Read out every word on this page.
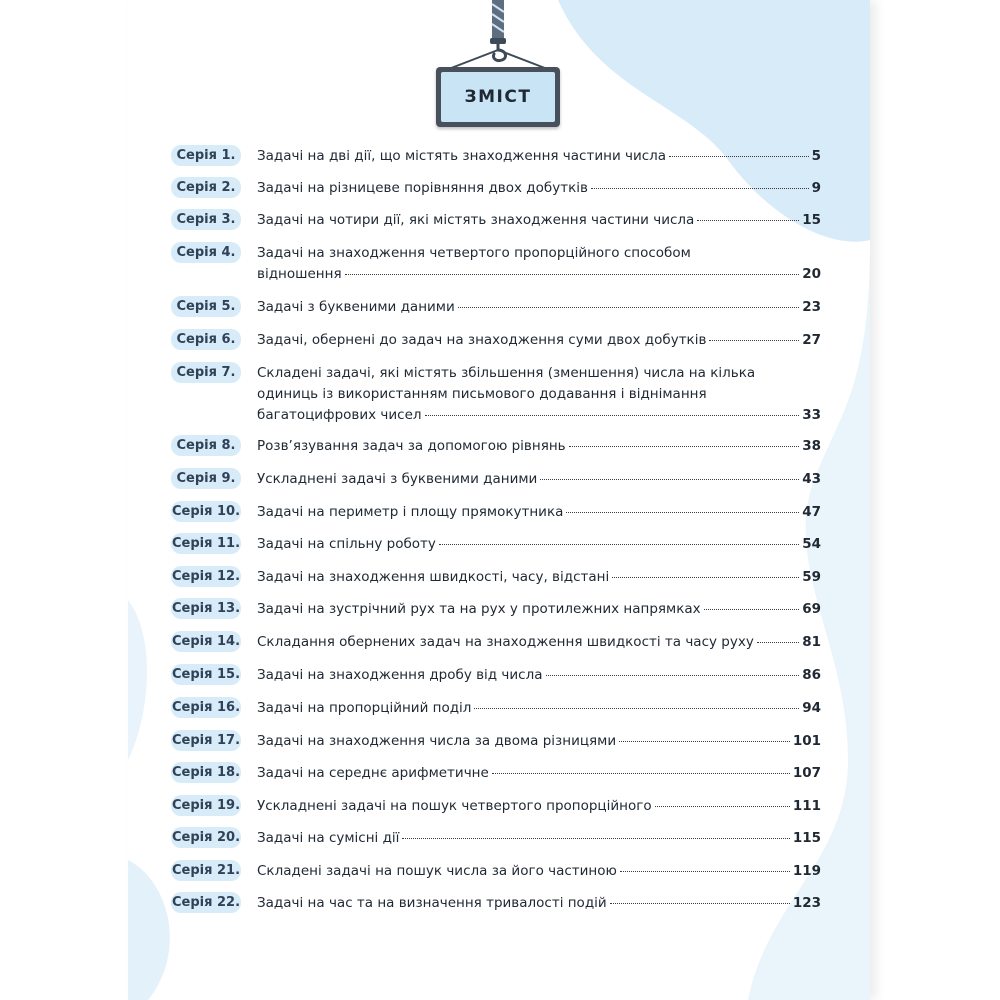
ЗМІСТ
Серія 1.	Задачі на дві дії, що містять знаходження частини числа	5
Серія 2.	Задачі на різницеве порівняння двох добутків	9
Серія 3.	Задачі на чотири дії, які містять знаходження частини числа	15
Серія 4.	Задачі на знаходження четвертого пропорційного способом
відношення	20
Серія 5.	Задачі з буквеними даними	23
Серія 6.	Задачі, обернені до задач на знаходження суми двох добутків	27
Серія 7.	Складені задачі, які містять збільшення (зменшення) числа на кілька
одиниць із використанням письмового додавання і віднімання
багатоцифрових чисел	33
Серія 8.	Розв’язування задач за допомогою рівнянь	38
Серія 9.	Ускладнені задачі з буквеними даними	43
Серія 10. Задачі на периметр і площу прямокутника	47
Серія 11. Задачі на спільну роботу	54
Серія 12. Задачі на знаходження швидкості, часу, відстані	59
Серія 13. Задачі на зустрічний рух та на рух у протилежних напрямках	69
Серія 14. Складання обернених задач на знаходження швидкості та часу руху	81
Серія 15. Задачі на знаходження дробу від числа	86
Серія 16. Задачі на пропорційний поділ	94
Серія 17. Задачі на знаходження числа за двома різницями	101
Серія 18. Задачі на середнє арифметичне	107
Серія 19. Ускладнені задачі на пошук четвертого пропорційного	111
Серія 20. Задачі на сумісні дії	115
Серія 21. Складені задачі на пошук числа за його частиною	119
Серія 22. Задачі на час та на визначення тривалості подій	123
